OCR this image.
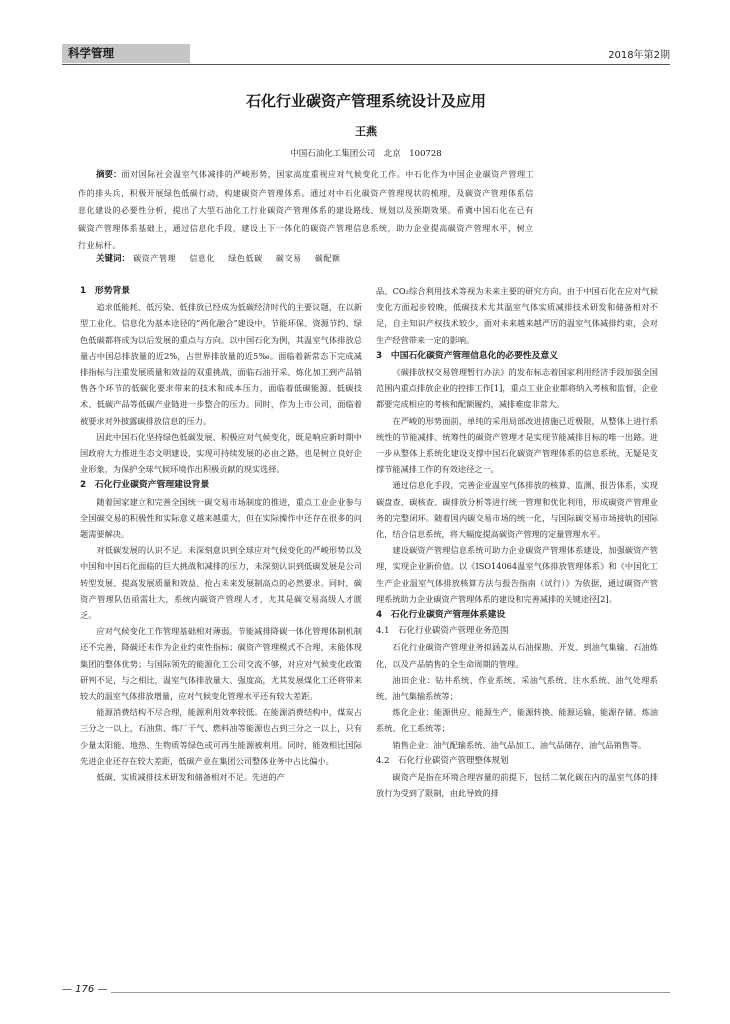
科学管理	2018年第2期
石化行业碳资产管理系统设计及应用
王燕
中国石油化工集团公司　北京　100728
摘要：面对国际社会温室气体减排的严峻形势，国家高度重视应对气候变化工作。中石化作为中国企业碳资产管理工
作的排头兵，积极开展绿色低碳行动，构建碳资产管理体系。通过对中石化碳资产管理现状的梳理，及碳资产管理体系信
息化建设的必要性分析，提出了大型石油化工行业碳资产管理体系的建设路线、规划以及预期效果。希冀中国石化在已有
碳资产管理体系基础上，通过信息化手段，建设上下一体化的碳资产管理信息系统，助力企业提高碳资产管理水平，树立
行业标杆。
关键词： 碳资产管理 信息化 绿色低碳 碳交易 碳配额
1　形势背景

追求低能耗、低污染、低排放已经成为低碳经济时代的主要议题，在以新型工业化、信息化为基本途径的“两化融合”建设中，节能环保、资源节约、绿色低碳都将成为以后发展的重点与方向。以中国石化为例，其温室气体排放总量占中国总排放量的近2%，占世界排放量的近5‰。面临着新常态下完成减排指标与注重发展质量和效益的双重挑战，面临石油开采、炼化加工到产品销售各个环节的低碳化要求带来的技术和成本压力，面临着低碳能源、低碳技术、低碳产品等低碳产业链进一步整合的压力。同时，作为上市公司，面临着被要求对外披露碳排放信息的压力。

因此中国石化坚持绿色低碳发展、积极应对气候变化，既是响应新时期中国政府大力推进生态文明建设，实现可持续发展的必由之路，也是树立良好企业形象，为保护全球气候环境作出积极贡献的现实选择。

2　石化行业碳资产管理建设背景

随着国家建立和完善全国统一碳交易市场制度的推进，重点工业企业参与全国碳交易的积极性和实际意义越来越重大，但在实际操作中还存在很多的问题需要解决。

对低碳发展的认识不足。未深刻意识到全球应对气候变化的严峻形势以及中国和中国石化面临的巨大挑战和减排的压力，未深刻认识到低碳发展是公司转型发展、提高发展质量和效益、抢占未来发展制高点的必然要求。同时，碳资产管理队伍亟需壮大，系统内碳资产管理人才，尤其是碳交易高级人才匮乏。

应对气候变化工作管理基础相对薄弱。节能减排降碳一体化管理体制机制还不完善，降碳还未作为企业约束性指标；碳资产管理模式不合理，未能体现集团的整体优势；与国际领先的能源化工公司交流不够，对应对气候变化政策研判不足，与之相比，温室气体排放量大、强度高，尤其发展煤化工还将带来较大的温室气体排放增量，应对气候变化管理水平还有较大差距。

能源消费结构不尽合理，能源利用效率较低。在能源消费结构中，煤炭占三分之一以上，石油焦、炼厂干气、燃料油等能源也占到三分之一以上，只有少量太阳能、地热、生物质等绿色或可再生能源被利用。同时，能效相比国际先进企业还存在较大差距，低碳产业在集团公司整体业务中占比偏小。

低碳、实质减排技术研发和储备相对不足。先进的产

品、CO₂综合利用技术等视为未来主要的研究方向。由于中国石化在应对气候变化方面起步较晚，低碳技术尤其温室气体实质减排技术研发和储备相对不足，自主知识产权技术较少，面对未来越来越严厉的温室气体减排约束，会对生产经营带来一定的影响。

3　中国石化碳资产管理信息化的必要性及意义

《碳排放权交易管理暂行办法》的发布标志着国家利用经济手段加强全国范围内重点排放企业的控排工作[1]，重点工业企业都将纳入考核和监督，企业都要完成相应的考核和配额履约，减排难度非常大。

在严峻的形势面前，单纯的采用局部改进措施已近极限，从整体上进行系统性的节能减排、统筹性的碳资产管理才是实现节能减排目标的唯一出路。进一步从整体上系统化建设支撑中国石化碳资产管理体系的信息系统，无疑是支撑节能减排工作的有效途径之一。

通过信息化手段，完善企业温室气体排放的核算、监测、报告体系，实现碳盘查、碳核查、碳排放分析等进行统一管理和优化利用，形成碳资产管理业务的完整闭环。随着国内碳交易市场的统一化，与国际碳交易市场接轨的国际化，结合信息系统，将大幅度提高碳资产管理的定量管理水平。

建设碳资产管理信息系统可助力企业碳资产管理体系建设，加强碳资产管理，实现企业新价值。以《ISO14064温室气体排放管理体系》和《中国化工生产企业温室气体排放核算方法与报告指南（试行）》为依据，通过碳资产管理系统助力企业碳资产管理体系的建设和完善减排的关键途径[2]。

4　石化行业碳资产管理体系建设
4.1　石化行业碳资产管理业务范围

石化行业碳资产管理业务拟涵盖从石油探勘、开发、到油气集输、石油炼化，以及产品销售的全生命周期的管理。

油田企业：钻井系统、作业系统、采油气系统、注水系统、油气处理系统、油气集输系统等；

炼化企业：能源供应、能源生产、能源转换、能源运输、能源存储、炼油系统、化工系统等；

销售企业：油气配输系统、油气品加工、油气品储存、油气品销售等。

4.2　石化行业碳资产管理整体规划

碳资产是指在环境合理容量的前提下，包括二氧化碳在内的温室气体的排放行为受到了限制，由此导致的排

— 176 —
